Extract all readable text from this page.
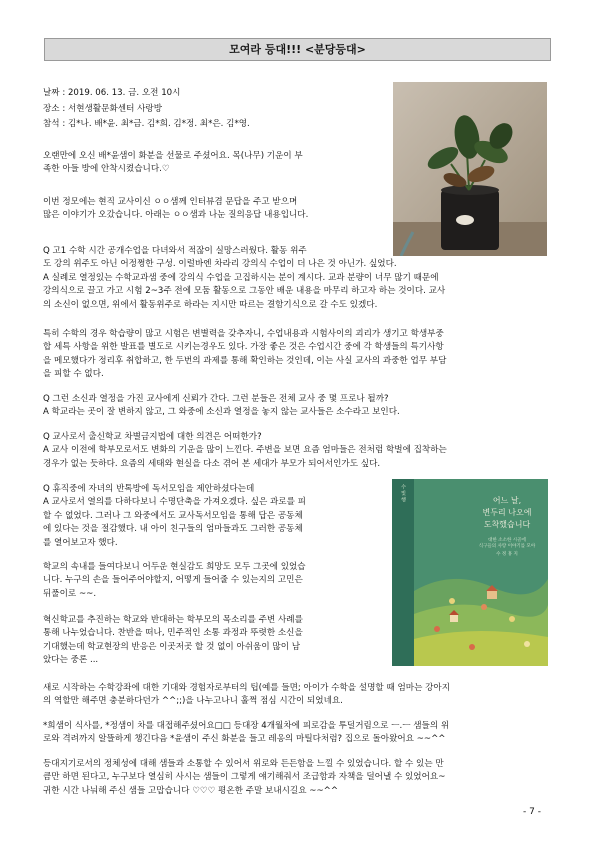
모여라 등대!!! <분당등대>
날짜 : 2019. 06. 13. 금. 오전 10시
장소 : 서현생활문화센터 사랑방
참석 : 김*나. 배*윤. 최*금. 김*희. 김*정. 최*은. 김*영.
오랜만에 오신 배*윤샘이 화분을 선물로 주셨어요. 목(나무) 기운이 부
족한 아들 방에 안착시켰습니다.♡
이번 정모에는 현직 교사이신 ㅇㅇ샘께 인터뷰겸 문답을 주고 받으며
많은 이야기가 오갔습니다. 아래는 ㅇㅇ샘과 나눈 질의응답 내용입니다.
Q 고1 수학 시간 공개수업을 다녀와서 적잖이 실망스러웠다. 활동 위주
도 강의 위주도 아닌 어정쩡한 구성. 이럴바엔 차라리 강의식 수업이 더 나은 것 아닌가. 싶었다.
A 실례로 열정있는 수학교과샘 중에 강의식 수업을 고집하시는 분이 계시다. 교과 분량이 너무 많기 때문에
강의식으로 끌고 가고 시험 2~3주 전에 모둠 활동으로 그동안 배운 내용을 마무리 하고자 하는 것이다. 교사
의 소신이 없으면, 위에서 활동위주로 하라는 지시만 따르는 결함기식으로 갈 수도 있겠다.
특히 수학의 경우 학습량이 많고 시험은 변별력을 갖추자니, 수업내용과 시험사이의 괴리가 생기고 학생부중
합 세특 사항을 위한 발표를 별도로 시키는경우도 있다. 가장 좋은 것은 수업시간 중에 각 학생들의 특기사항
을 메모했다가 정리후 취합하고, 한 두번의 과제를 통해 확인하는 것인데, 이는 사실 교사의 과중한 업무 부담
을 피할 수 없다.
Q 그런 소신과 열정을 가진 교사에게 신뢰가 간다. 그런 분들은 전체 교사 중 몇 프로나 될까?
A 학교라는 곳이 잘 변하지 않고, 그 와중에 소신과 열정을 놓지 않는 교사들은 소수라고 보인다.
Q 교사로서 출신학교 차별금지법에 대한 의견은 어떠한가?
A 교사 이전에 학부모로서도 변화의 기운을 많이 느낀다. 주변을 보면 요즘 엄마들은 전처럼 학벌에 집착하는
경우가 없는 듯하다. 요즘의 세태와 현실을 다소 겪어 본 세대가 부모가 되어서인가도 싶다.
Q 휴직중에 자녀의 반톡방에 독서모임을 제안하셨다는데
A 교사로서 열의를 다하다보니 수명단축을 가져오겠다. 싶은 과로를 피
할 수 없었다. 그러나 그 와중에서도 교사독서모임을 통해 답은 공동체
에 있다는 것을 절감했다. 내 아이 친구들의 엄마들과도 그러한 공동체
를 열어보고자 했다.
학교의 속내를 들여다보니 어두운 현실감도 희망도 모두 그곳에 있었습
니다. 누구의 손을 들어주어야할지, 어떻게 들어줄 수 있는지의 고민은
뒤풀이로 ~~.
혁신학교를 추진하는 학교와 반대하는 학부모의 목소리를 주변 사례를
통해 나누었습니다. 찬반을 떠나, 민주적인 소통 과정과 뚜렷한 소신을
기대했는데 학교현장의 반응은 이곳저곳 할 것 없이 아쉬움이 많이 남
았다는 중론 ...
수 빛 행	어느 날,
변두리 나오에
도착했습니다
대한 소소한 시골에
식구들의 사랑 이야기를 모아
수 정 홍 지
새로 시작하는 수학강좌에 대한 기대와 경험자로부터의 팁(예를 들면; 아이가 수학을 설명할 때 엄마는 강아지
의 역할만 해주면 충분하다던가 ^^;;)을 나누고나니 훌쩍 점심 시간이 되었네요.
*희샘이 식사를, *정샘이 차를 대접해주셨어요□□ 등대장 4개월차에 피로감을 투덜거림으로 ㅡ.ㅡ 샘들의 위
로와 격려까지 알뜰하게 챙긴다음 *윤샘이 주신 화분을 들고 레옹의 마틸다처럼? 집으로 돌아왔어요 ~~^^
등대지기로서의 정체성에 대해 샘들과 소통할 수 있어서 위로와 든든함을 느낄 수 있었습니다. 할 수 있는 만
큼만 하면 된다고, 누구보다 열심히 사시는 샘들이 그렇게 얘기해줘서 조급함과 자책을 덜어낼 수 있었어요~
귀한 시간 나눠해 주신 샘들 고맙습니다 ♡♡♡ 평온한 주말 보내시길요 ~~^^
- 7 -
